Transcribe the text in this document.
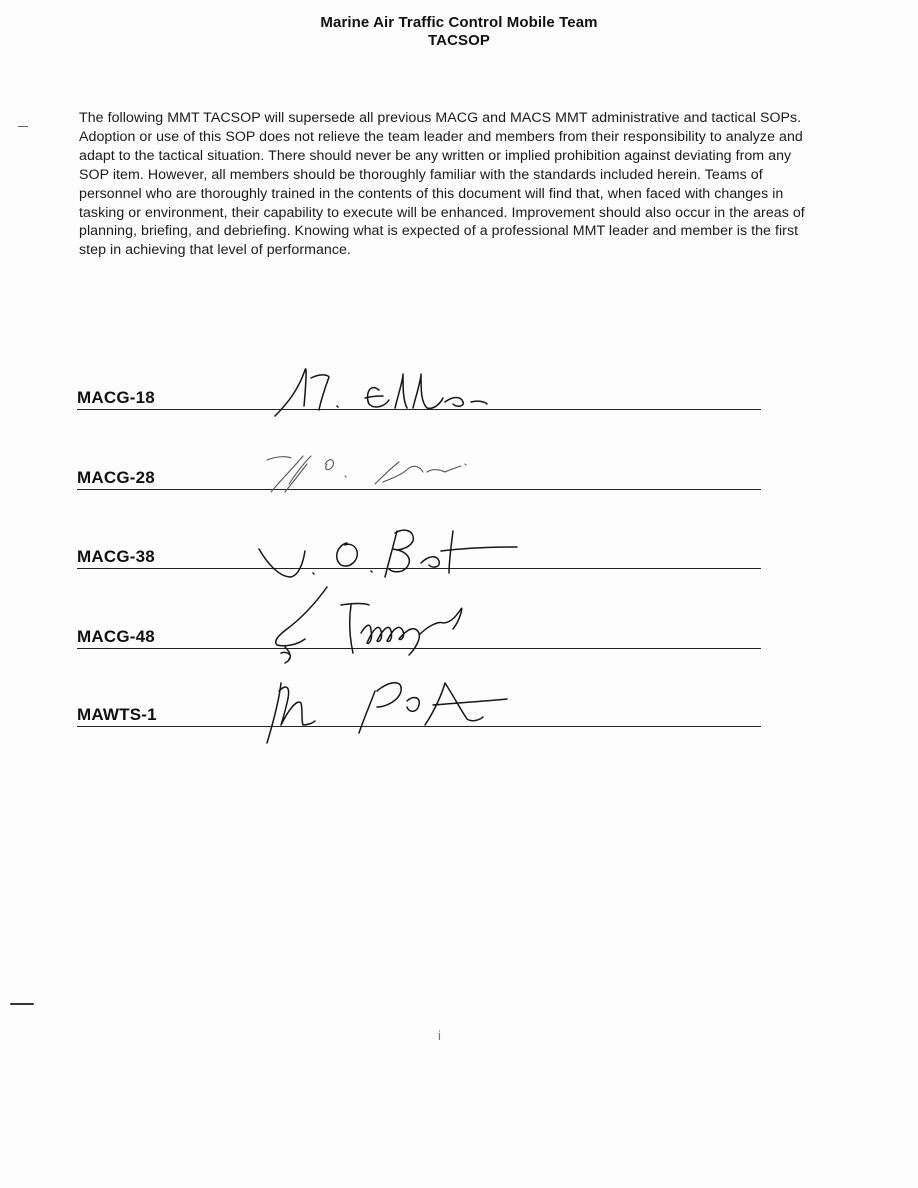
Marine Air Traffic Control Mobile Team
TACSOP

The following MMT TACSOP will supersede all previous MACG and MACS MMT administrative and tactical SOPs. Adoption or use of this SOP does not relieve the team leader and members from their responsibility to analyze and adapt to the tactical situation. There should never be any written or implied prohibition against deviating from any SOP item. However, all members should be thoroughly familiar with the standards included herein. Teams of personnel who are thoroughly trained in the contents of this document will find that, when faced with changes in tasking or environment, their capability to execute will be enhanced. Improvement should also occur in the areas of planning, briefing, and debriefing. Knowing what is expected of a professional MMT leader and member is the first step in achieving that level of performance.

MACG-18
MACG-28
MACG-38
MACG-48
MAWTS-1
i
